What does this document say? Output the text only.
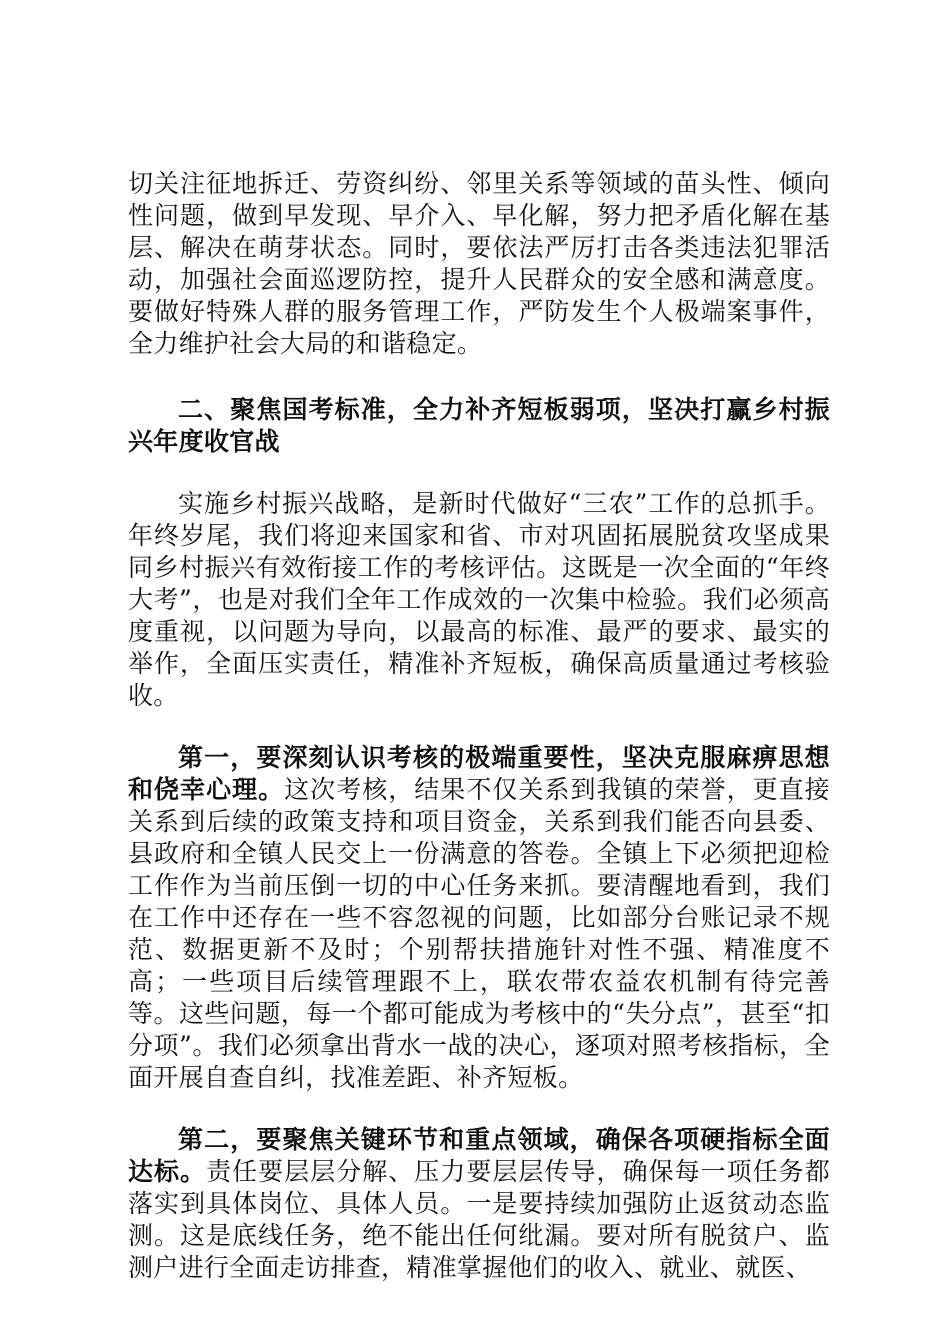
切关注征地拆迁、劳资纠纷、邻里关系等领域的苗头性、倾向性问题，做到早发现、早介入、早化解，努力把矛盾化解在基层、解决在萌芽状态。同时，要依法严厉打击各类违法犯罪活动，加强社会面巡逻防控，提升人民群众的安全感和满意度。要做好特殊人群的服务管理工作，严防发生个人极端案事件，全力维护社会大局的和谐稳定。

二、聚焦国考标准，全力补齐短板弱项，坚决打赢乡村振兴年度收官战

实施乡村振兴战略，是新时代做好“三农”工作的总抓手。年终岁尾，我们将迎来国家和省、市对巩固拓展脱贫攻坚成果同乡村振兴有效衔接工作的考核评估。这既是一次全面的“年终大考”，也是对我们全年工作成效的一次集中检验。我们必须高度重视，以问题为导向，以最高的标准、最严的要求、最实的举作，全面压实责任，精准补齐短板，确保高质量通过考核验收。

第一，要深刻认识考核的极端重要性，坚决克服麻痹思想和侥幸心理。这次考核，结果不仅关系到我镇的荣誉，更直接关系到后续的政策支持和项目资金，关系到我们能否向县委、县政府和全镇人民交上一份满意的答卷。全镇上下必须把迎检工作作为当前压倒一切的中心任务来抓。要清醒地看到，我们在工作中还存在一些不容忽视的问题，比如部分台账记录不规范、数据更新不及时；个别帮扶措施针对性不强、精准度不高；一些项目后续管理跟不上，联农带农益农机制有待完善等。这些问题，每一个都可能成为考核中的“失分点”，甚至“扣分项”。我们必须拿出背水一战的决心，逐项对照考核指标，全面开展自查自纠，找准差距、补齐短板。

第二，要聚焦关键环节和重点领域，确保各项硬指标全面达标。责任要层层分解、压力要层层传导，确保每一项任务都落实到具体岗位、具体人员。一是要持续加强防止返贫动态监测。这是底线任务，绝不能出任何纰漏。要对所有脱贫户、监测户进行全面走访排查，精准掌握他们的收入、就业、就医、
